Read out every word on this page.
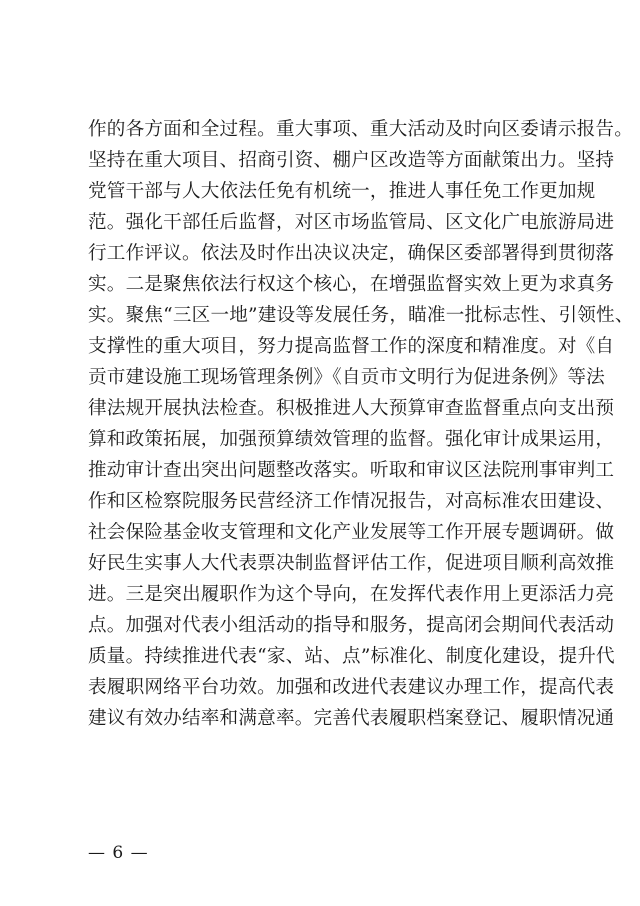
作的各方面和全过程。重大事项、重大活动及时向区委请示报告。
坚持在重大项目、招商引资、棚户区改造等方面献策出力。坚持
党管干部与人大依法任免有机统一，推进人事任免工作更加规
范。强化干部任后监督，对区市场监管局、区文化广电旅游局进
行工作评议。依法及时作出决议决定，确保区委部署得到贯彻落
实。二是聚焦依法行权这个核心，在增强监督实效上更为求真务
实。聚焦“三区一地”建设等发展任务，瞄准一批标志性、引领性、
支撑性的重大项目，努力提高监督工作的深度和精准度。对《自
贡市建设施工现场管理条例》《自贡市文明行为促进条例》等法
律法规开展执法检查。积极推进人大预算审查监督重点向支出预
算和政策拓展，加强预算绩效管理的监督。强化审计成果运用，
推动审计查出突出问题整改落实。听取和审议区法院刑事审判工
作和区检察院服务民营经济工作情况报告，对高标准农田建设、
社会保险基金收支管理和文化产业发展等工作开展专题调研。做
好民生实事人大代表票决制监督评估工作，促进项目顺利高效推
进。三是突出履职作为这个导向，在发挥代表作用上更添活力亮
点。加强对代表小组活动的指导和服务，提高闭会期间代表活动
质量。持续推进代表“家、站、点”标准化、制度化建设，提升代
表履职网络平台功效。加强和改进代表建议办理工作，提高代表
建议有效办结率和满意率。完善代表履职档案登记、履职情况通
— 6 —
